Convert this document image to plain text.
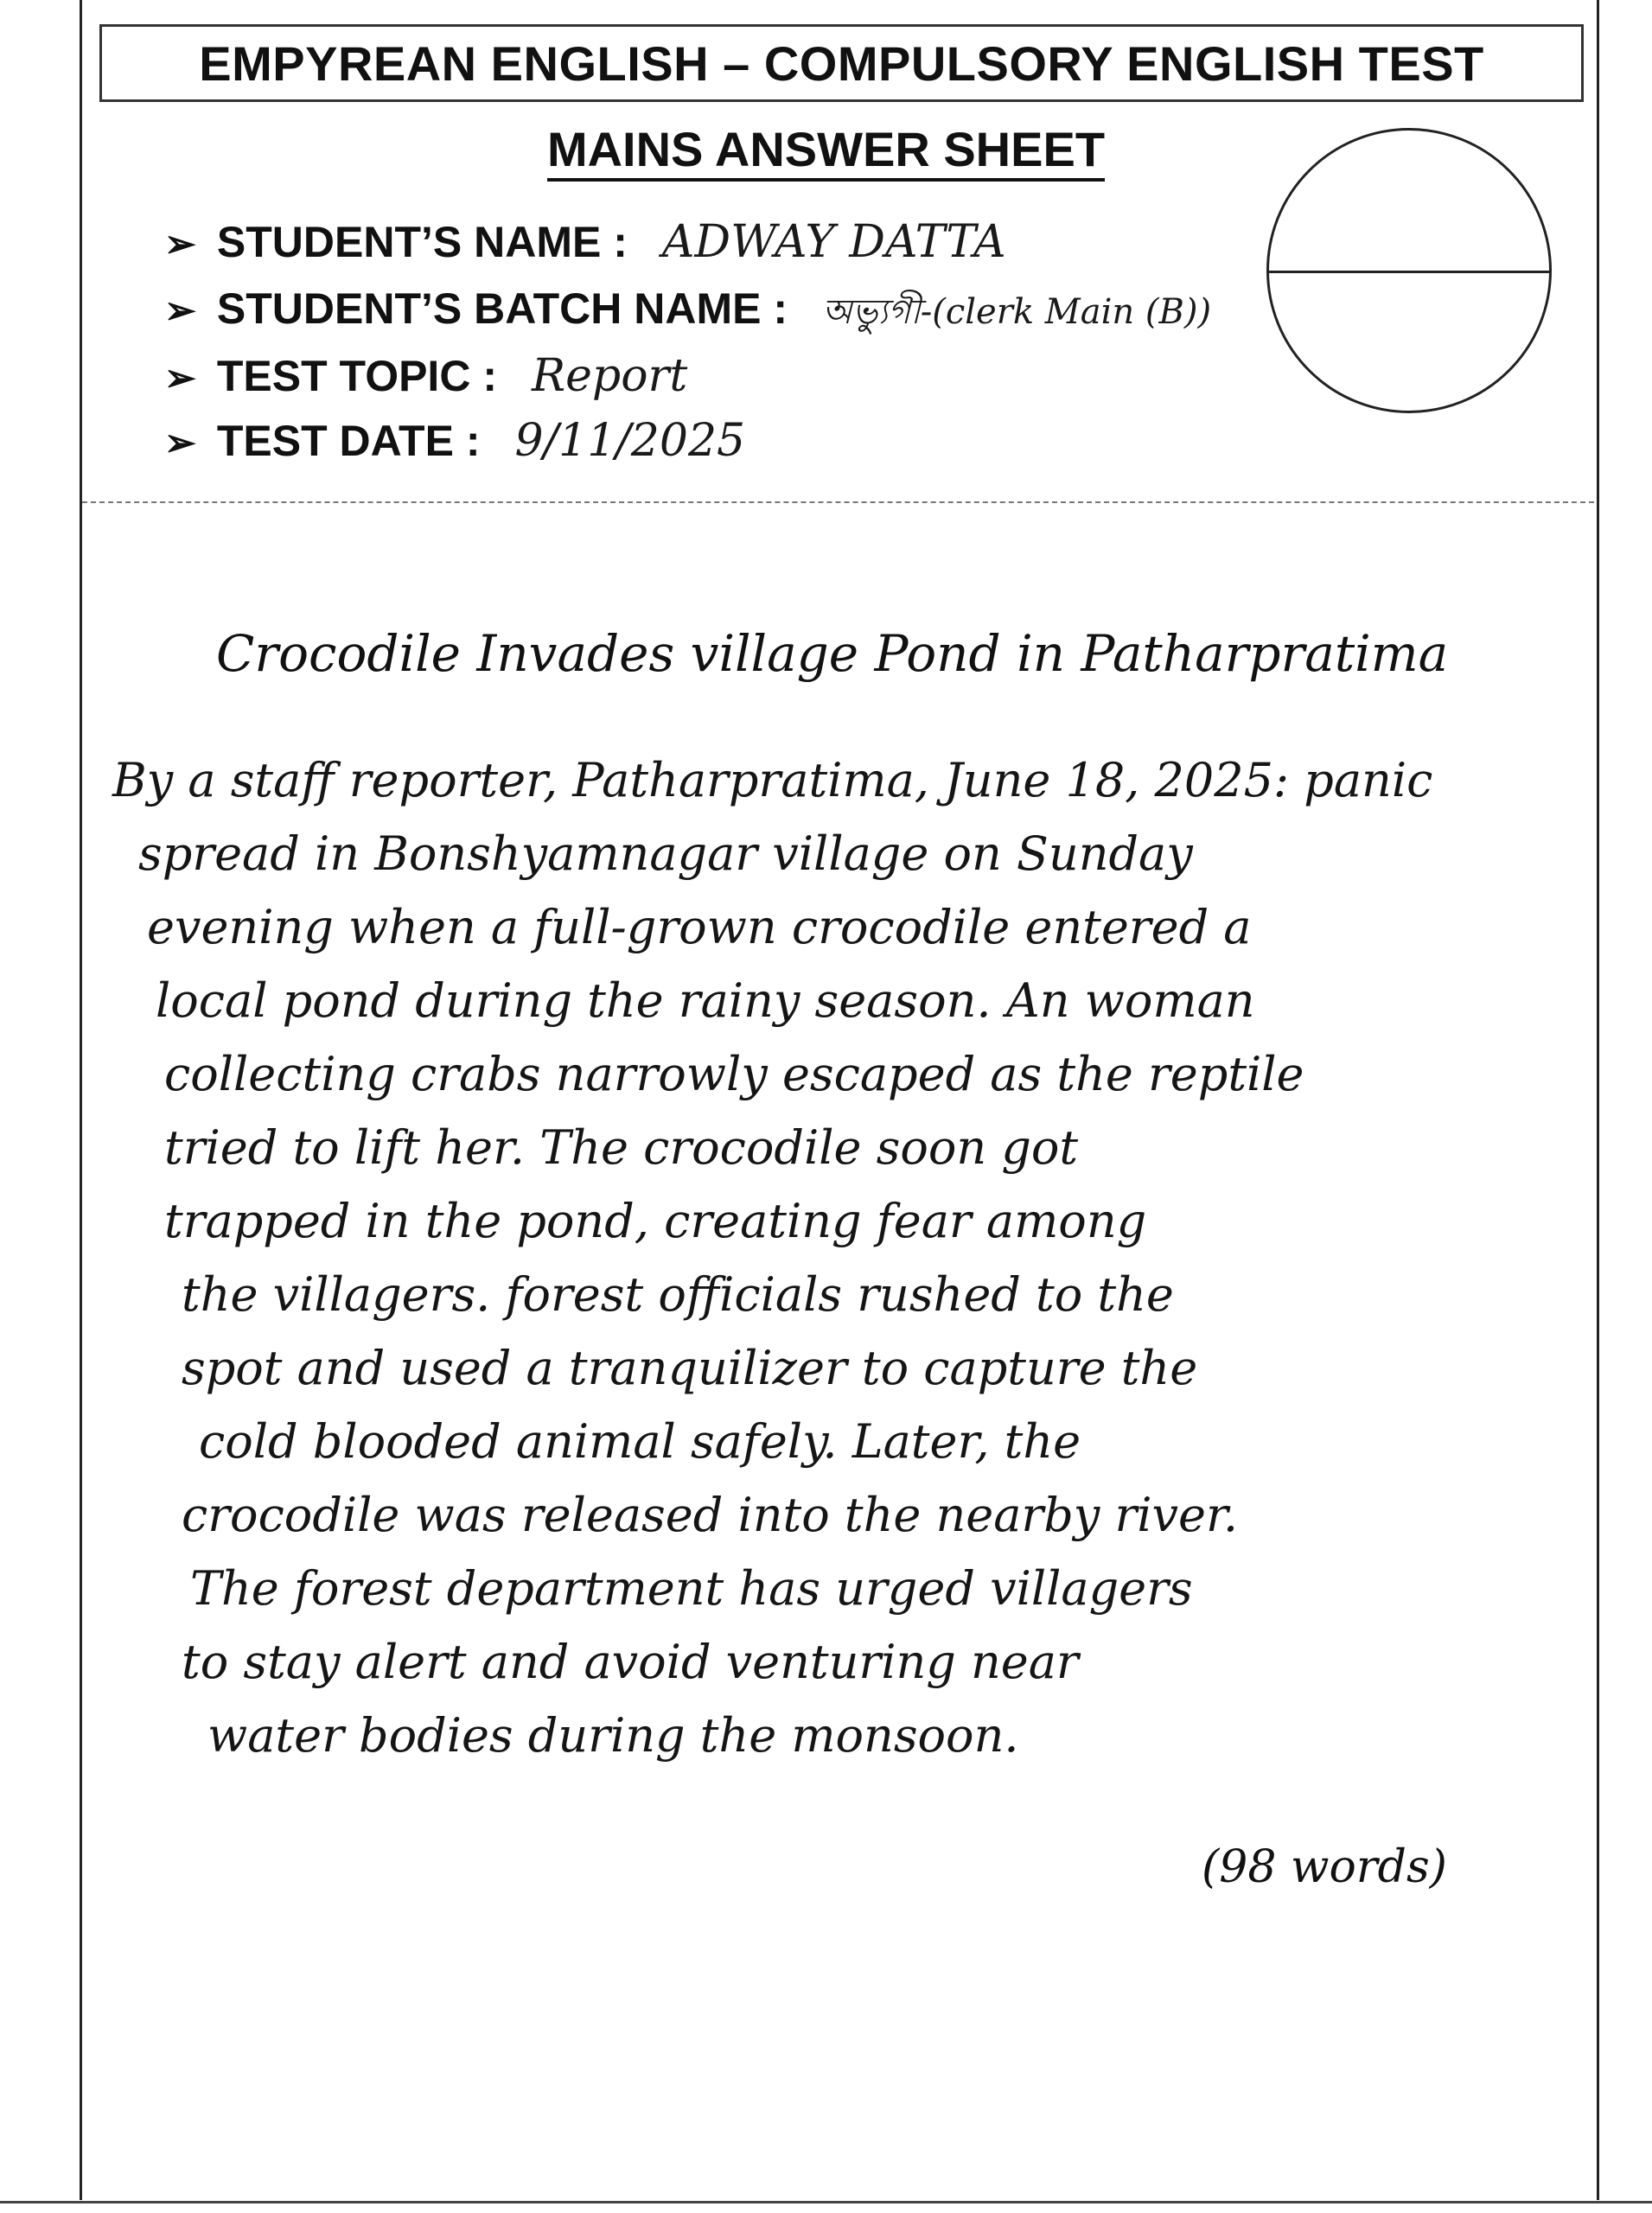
EMPYREAN ENGLISH – COMPULSORY ENGLISH TEST
MAINS ANSWER SHEET
➢ STUDENT’S NAME : ADWAY DATTA
➢ STUDENT’S BATCH NAME : অভ্যুগী-(clerk Main (B))
➢ TEST TOPIC : Report
➢ TEST DATE : 9/11/2025
Crocodile Invades village Pond in Patharpratima
By a staff reporter, Patharpratima, June 18, 2025: panic
spread in Bonshyamnagar village on Sunday
evening when a full-grown crocodile entered a
local pond during the rainy season. An woman
collecting crabs narrowly escaped as the reptile
tried to lift her. The crocodile soon got
trapped in the pond, creating fear among
the villagers. forest officials rushed to the
spot and used a tranquilizer to capture the
cold blooded animal safely. Later, the
crocodile was released into the nearby river.
The forest department has urged villagers
to stay alert and avoid venturing near
water bodies during the monsoon.
(98 words)
